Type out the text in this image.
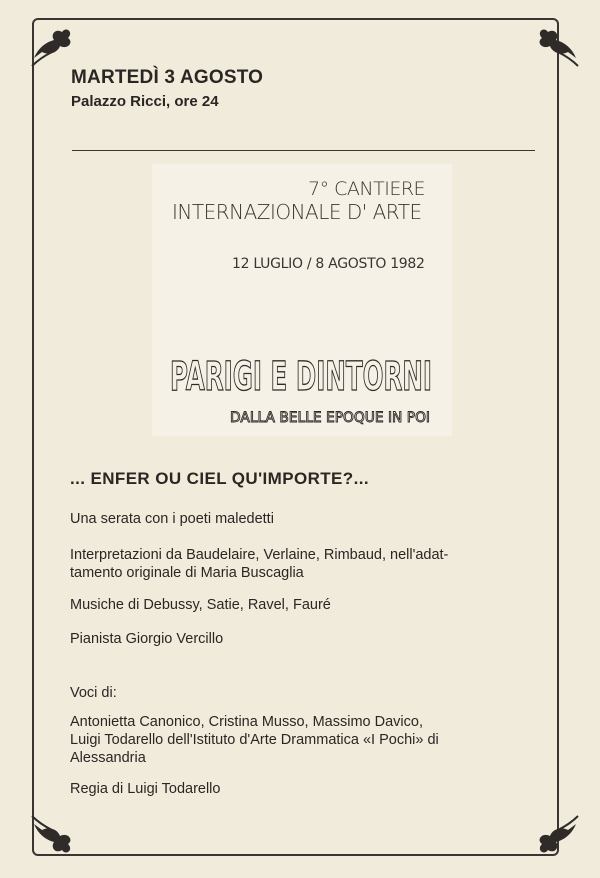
MARTEDÌ 3 AGOSTO
Palazzo Ricci, ore 24
7° CANTIERE
INTERNAZIONALE D' ARTE
12 LUGLIO / 8 AGOSTO 1982
PARIGI E DINTORNI
DALLA BELLE EPOQUE IN POI
... ENFER OU CIEL QU'IMPORTE?...
Una serata con i poeti maledetti
Interpretazioni da Baudelaire, Verlaine, Rimbaud, nell'adat-
tamento originale di Maria Buscaglia
Musiche di Debussy, Satie, Ravel, Fauré
Pianista Giorgio Vercillo
Voci di:
Antonietta Canonico, Cristina Musso, Massimo Davico,
Luigi Todarello dell'Istituto d'Arte Drammatica «I Pochi» di
Alessandria
Regia di Luigi Todarello
